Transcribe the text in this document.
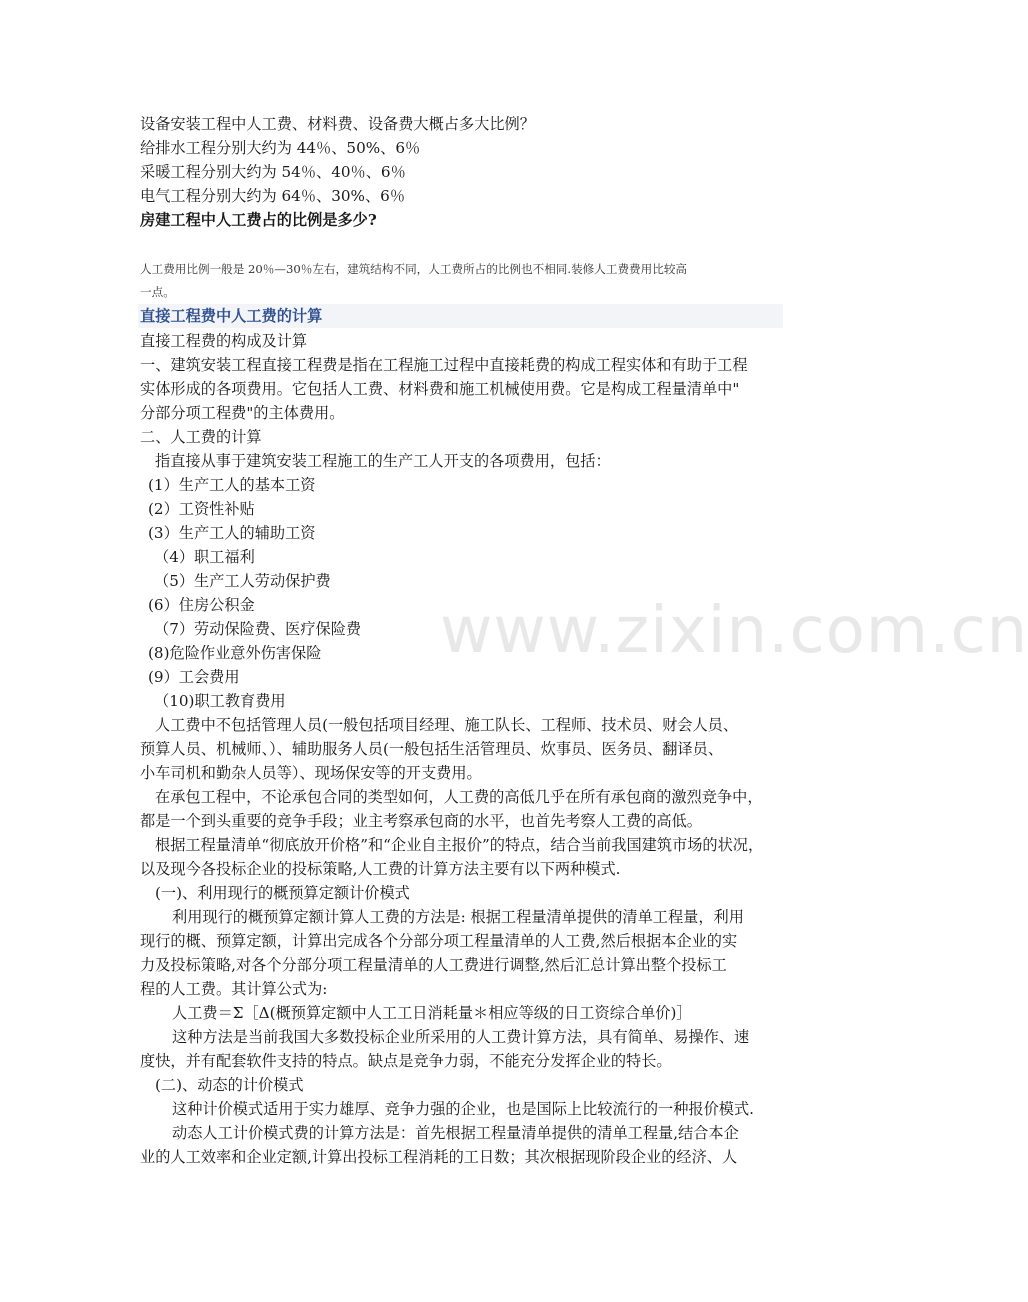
www.zixin.com.cn
设备安装工程中人工费、材料费、设备费大概占多大比例？
给排水工程分别大约为 44％、50%、6％
采暖工程分别大约为 54％、40％、6％
电气工程分别大约为 64％、30%、6％
房建工程中人工费占的比例是多少?
人工费用比例一般是 20％—30％左右，建筑结构不同，人工费所占的比例也不相同.装修人工费费用比较高
一点。
直接工程费中人工费的计算
直接工程费的构成及计算
一、建筑安装工程直接工程费是指在工程施工过程中直接耗费的构成工程实体和有助于工程
实体形成的各项费用。它包括人工费、材料费和施工机械使用费。它是构成工程量清单中"
分部分项工程费"的主体费用。
二、人工费的计算
指直接从事于建筑安装工程施工的生产工人开支的各项费用，包括：
(1）生产工人的基本工资
(2）工资性补贴
(3）生产工人的辅助工资
（4）职工福利
（5）生产工人劳动保护费
(6）住房公积金
（7）劳动保险费、医疗保险费
(8)危险作业意外伤害保险
(9）工会费用
（10)职工教育费用
人工费中不包括管理人员(一般包括项目经理、施工队长、工程师、技术员、财会人员、
预算人员、机械师、）、辅助服务人员(一般包括生活管理员、炊事员、医务员、翻译员、
小车司机和勤杂人员等）、现场保安等的开支费用。
在承包工程中，不论承包合同的类型如何，人工费的高低几乎在所有承包商的激烈竞争中，
都是一个到头重要的竞争手段；业主考察承包商的水平，也首先考察人工费的高低。
根据工程量清单“彻底放开价格”和“企业自主报价”的特点，结合当前我国建筑市场的状况，
以及现今各投标企业的投标策略,人工费的计算方法主要有以下两种模式.
(一)、利用现行的概预算定额计价模式
利用现行的概预算定额计算人工费的方法是: 根据工程量清单提供的清单工程量，利用
现行的概、预算定额，计算出完成各个分部分项工程量清单的人工费,然后根据本企业的实
力及投标策略,对各个分部分项工程量清单的人工费进行调整,然后汇总计算出整个投标工
程的人工费。其计算公式为:
人工费＝Σ［Δ(概预算定额中人工工日消耗量＊相应等级的日工资综合单价)］
这种方法是当前我国大多数投标企业所采用的人工费计算方法，具有简单、易操作、速
度快，并有配套软件支持的特点。缺点是竞争力弱，不能充分发挥企业的特长。
(二)、动态的计价模式
这种计价模式适用于实力雄厚、竞争力强的企业，也是国际上比较流行的一种报价模式.
动态人工计价模式费的计算方法是：首先根据工程量清单提供的清单工程量,结合本企
业的人工效率和企业定额,计算出投标工程消耗的工日数；其次根据现阶段企业的经济、人
